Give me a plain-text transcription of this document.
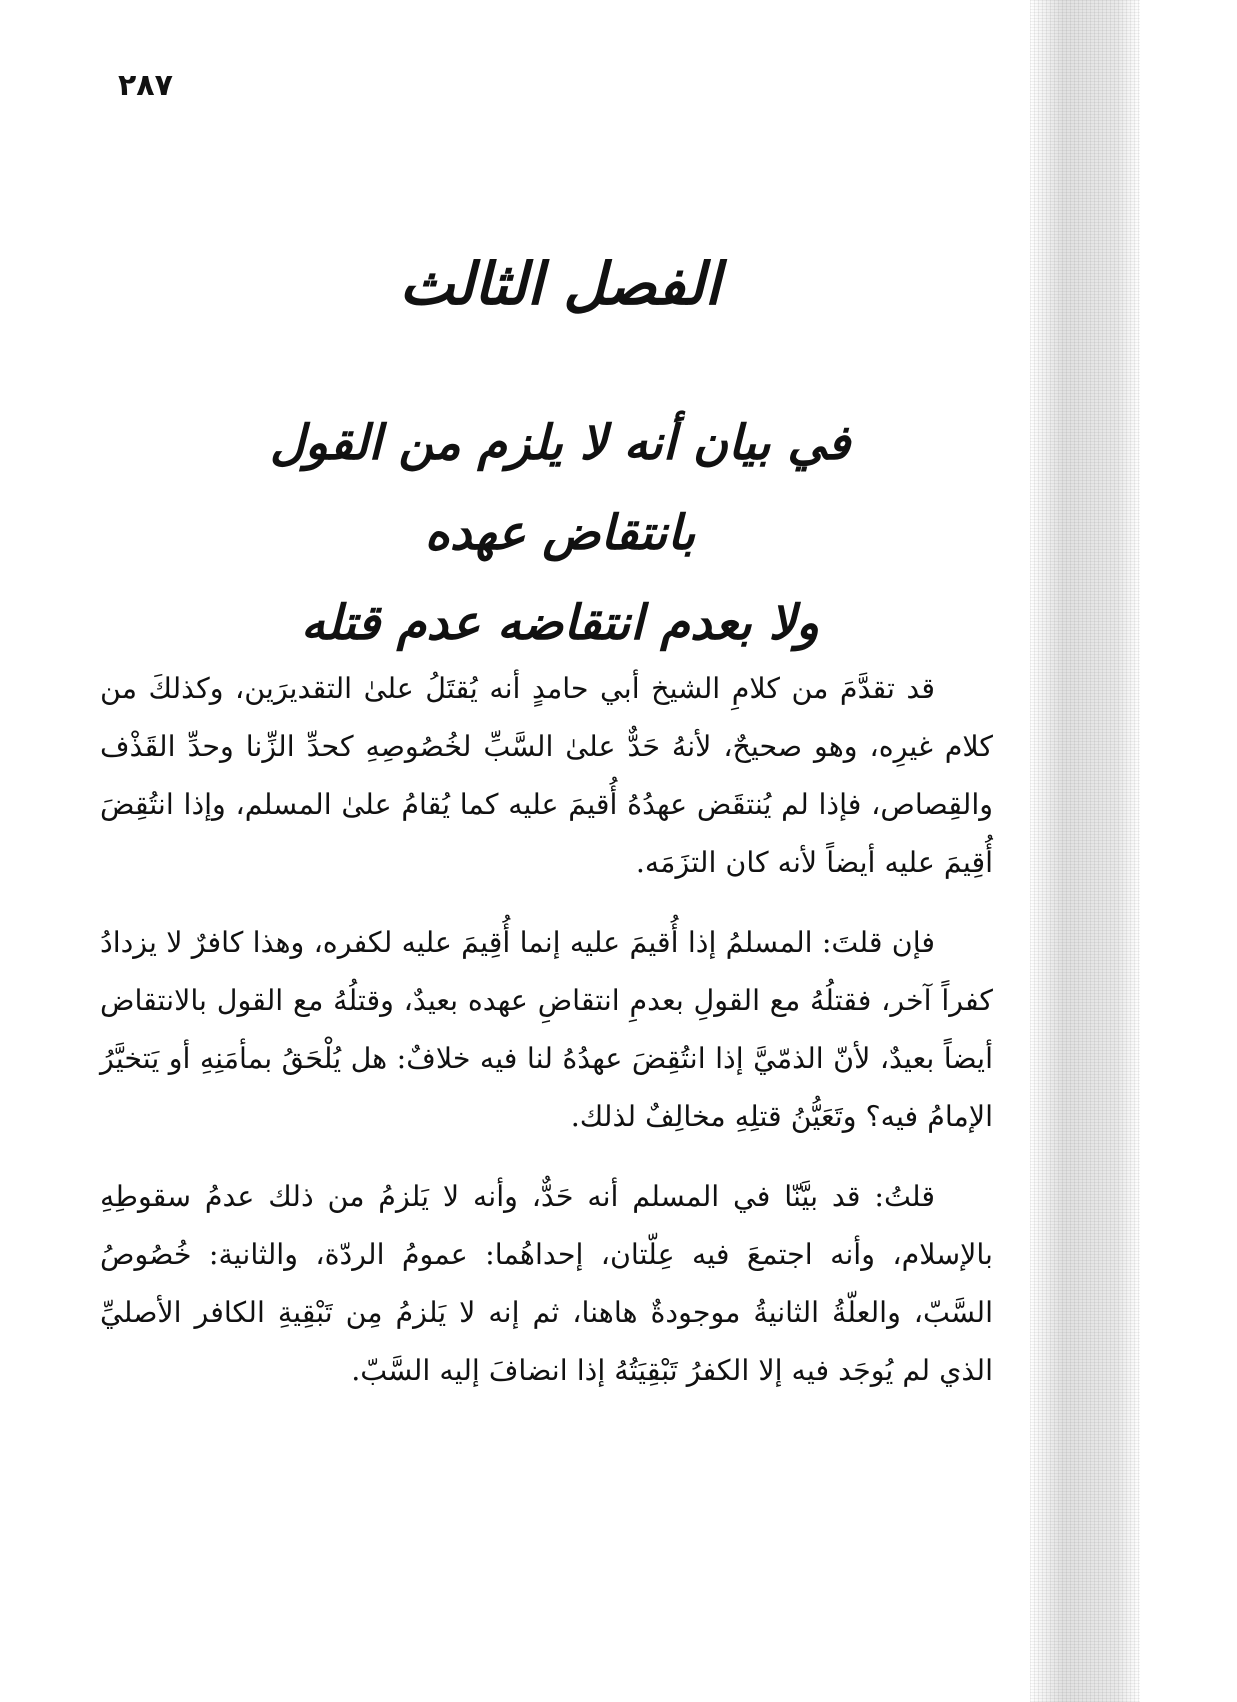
٢٨٧
الفصل الثالث
في بيان أنه لا يلزم من القول بانتقاض عهده
ولا بعدم انتقاضه عدم قتله

قد تقدَّمَ من كلامِ الشيخ أبي حامدٍ أنه يُقتَلُ علىٰ التقديرَين، وكذلكَ من كلام غيرِه، وهو صحيحٌ، لأنهُ حَدٌّ علىٰ السَّبِّ لخُصُوصِهِ كحدِّ الزِّنا وحدِّ القَذْف والقِصاص، فإذا لم يُنتقَض عهدُهُ أُقيمَ عليه كما يُقامُ علىٰ المسلم، وإذا انتُقِضَ أُقِيمَ عليه أيضاً لأنه كان التزَمَه.

فإن قلتَ: المسلمُ إذا أُقيمَ عليه إنما أُقِيمَ عليه لكفره، وهذا كافرٌ لا يزدادُ كفراً آخر، فقتلُهُ مع القولِ بعدمِ انتقاضِ عهده بعيدٌ، وقتلُهُ مع القول بالانتقاض أيضاً بعيدٌ، لأنّ الذمّيَّ إذا انتُقِضَ عهدُهُ لنا فيه خلافٌ: هل يُلْحَقُ بمأمَنِهِ أو يَتخيَّرُ الإمامُ فيه؟ وتَعَيُّنُ قتلِهِ مخالِفٌ لذلك.

قلتُ: قد بيَّنّا في المسلم أنه حَدٌّ، وأنه لا يَلزمُ من ذلك عدمُ سقوطِهِ بالإسلام، وأنه اجتمعَ فيه عِلّتان، إحداهُما: عمومُ الردّة، والثانية: خُصُوصُ السَّبّ، والعلّةُ الثانيةُ موجودةٌ هاهنا، ثم إنه لا يَلزمُ مِن تَبْقِيةِ الكافر الأصليِّ الذي لم يُوجَد فيه إلا الكفرُ تَبْقِيَتُهُ إذا انضافَ إليه السَّبّ.
